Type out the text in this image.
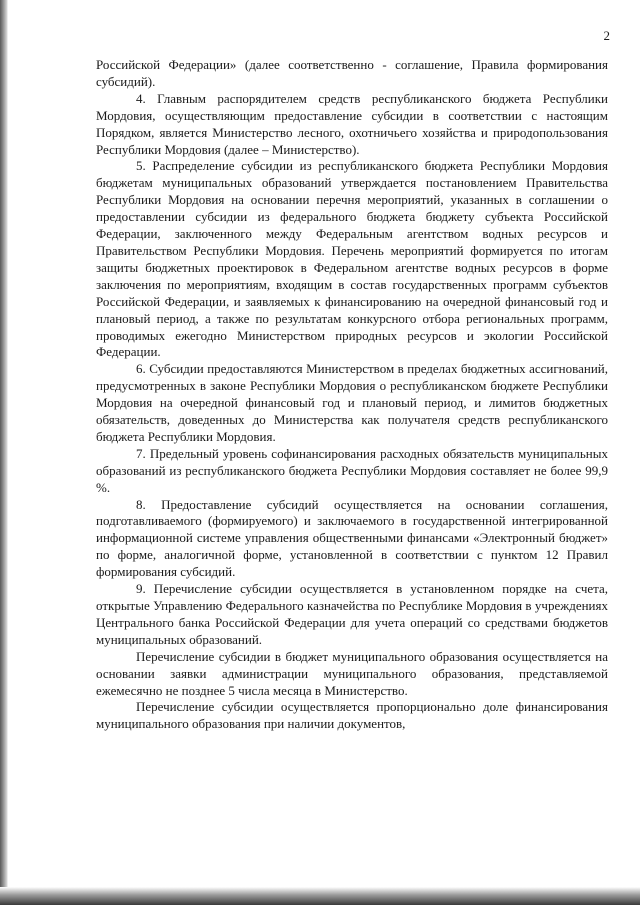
2

Российской Федерации» (далее соответственно - соглашение, Правила формирования субсидий).

4. Главным распорядителем средств республиканского бюджета Республики Мордовия, осуществляющим предоставление субсидии в соответствии с настоящим Порядком, является Министерство лесного, охотничьего хозяйства и природопользования Республики Мордовия (далее – Министерство).

5. Распределение субсидии из республиканского бюджета Республики Мордовия бюджетам муниципальных образований утверждается постановлением Правительства Республики Мордовия на основании перечня мероприятий, указанных в соглашении о предоставлении субсидии из федерального бюджета бюджету субъекта Российской Федерации, заключенного между Федеральным агентством водных ресурсов и Правительством Республики Мордовия. Перечень мероприятий формируется по итогам защиты бюджетных проектировок в Федеральном агентстве водных ресурсов в форме заключения по мероприятиям, входящим в состав государственных программ субъектов Российской Федерации, и заявляемых к финансированию на очередной финансовый год и плановый период, а также по результатам конкурсного отбора региональных программ, проводимых ежегодно Министерством природных ресурсов и экологии Российской Федерации.

6. Субсидии предоставляются Министерством в пределах бюджетных ассигнований, предусмотренных в законе Республики Мордовия о республиканском бюджете Республики Мордовия на очередной финансовый год и плановый период, и лимитов бюджетных обязательств, доведенных до Министерства как получателя средств республиканского бюджета Республики Мордовия.

7. Предельный уровень софинансирования расходных обязательств муниципальных образований из республиканского бюджета Республики Мордовия составляет не более 99,9 %.

8. Предоставление субсидий осуществляется на основании соглашения, подготавливаемого (формируемого) и заключаемого в государственной интегрированной информационной системе управления общественными финансами «Электронный бюджет» по форме, аналогичной форме, установленной в соответствии с пунктом 12 Правил формирования субсидий.

9. Перечисление субсидии осуществляется в установленном порядке на счета, открытые Управлению Федерального казначейства по Республике Мордовия в учреждениях Центрального банка Российской Федерации для учета операций со средствами бюджетов муниципальных образований.

Перечисление субсидии в бюджет муниципального образования осуществляется на основании заявки администрации муниципального образования, представляемой ежемесячно не позднее 5 числа месяца в Министерство.

Перечисление субсидии осуществляется пропорционально доле финансирования муниципального образования при наличии документов,
